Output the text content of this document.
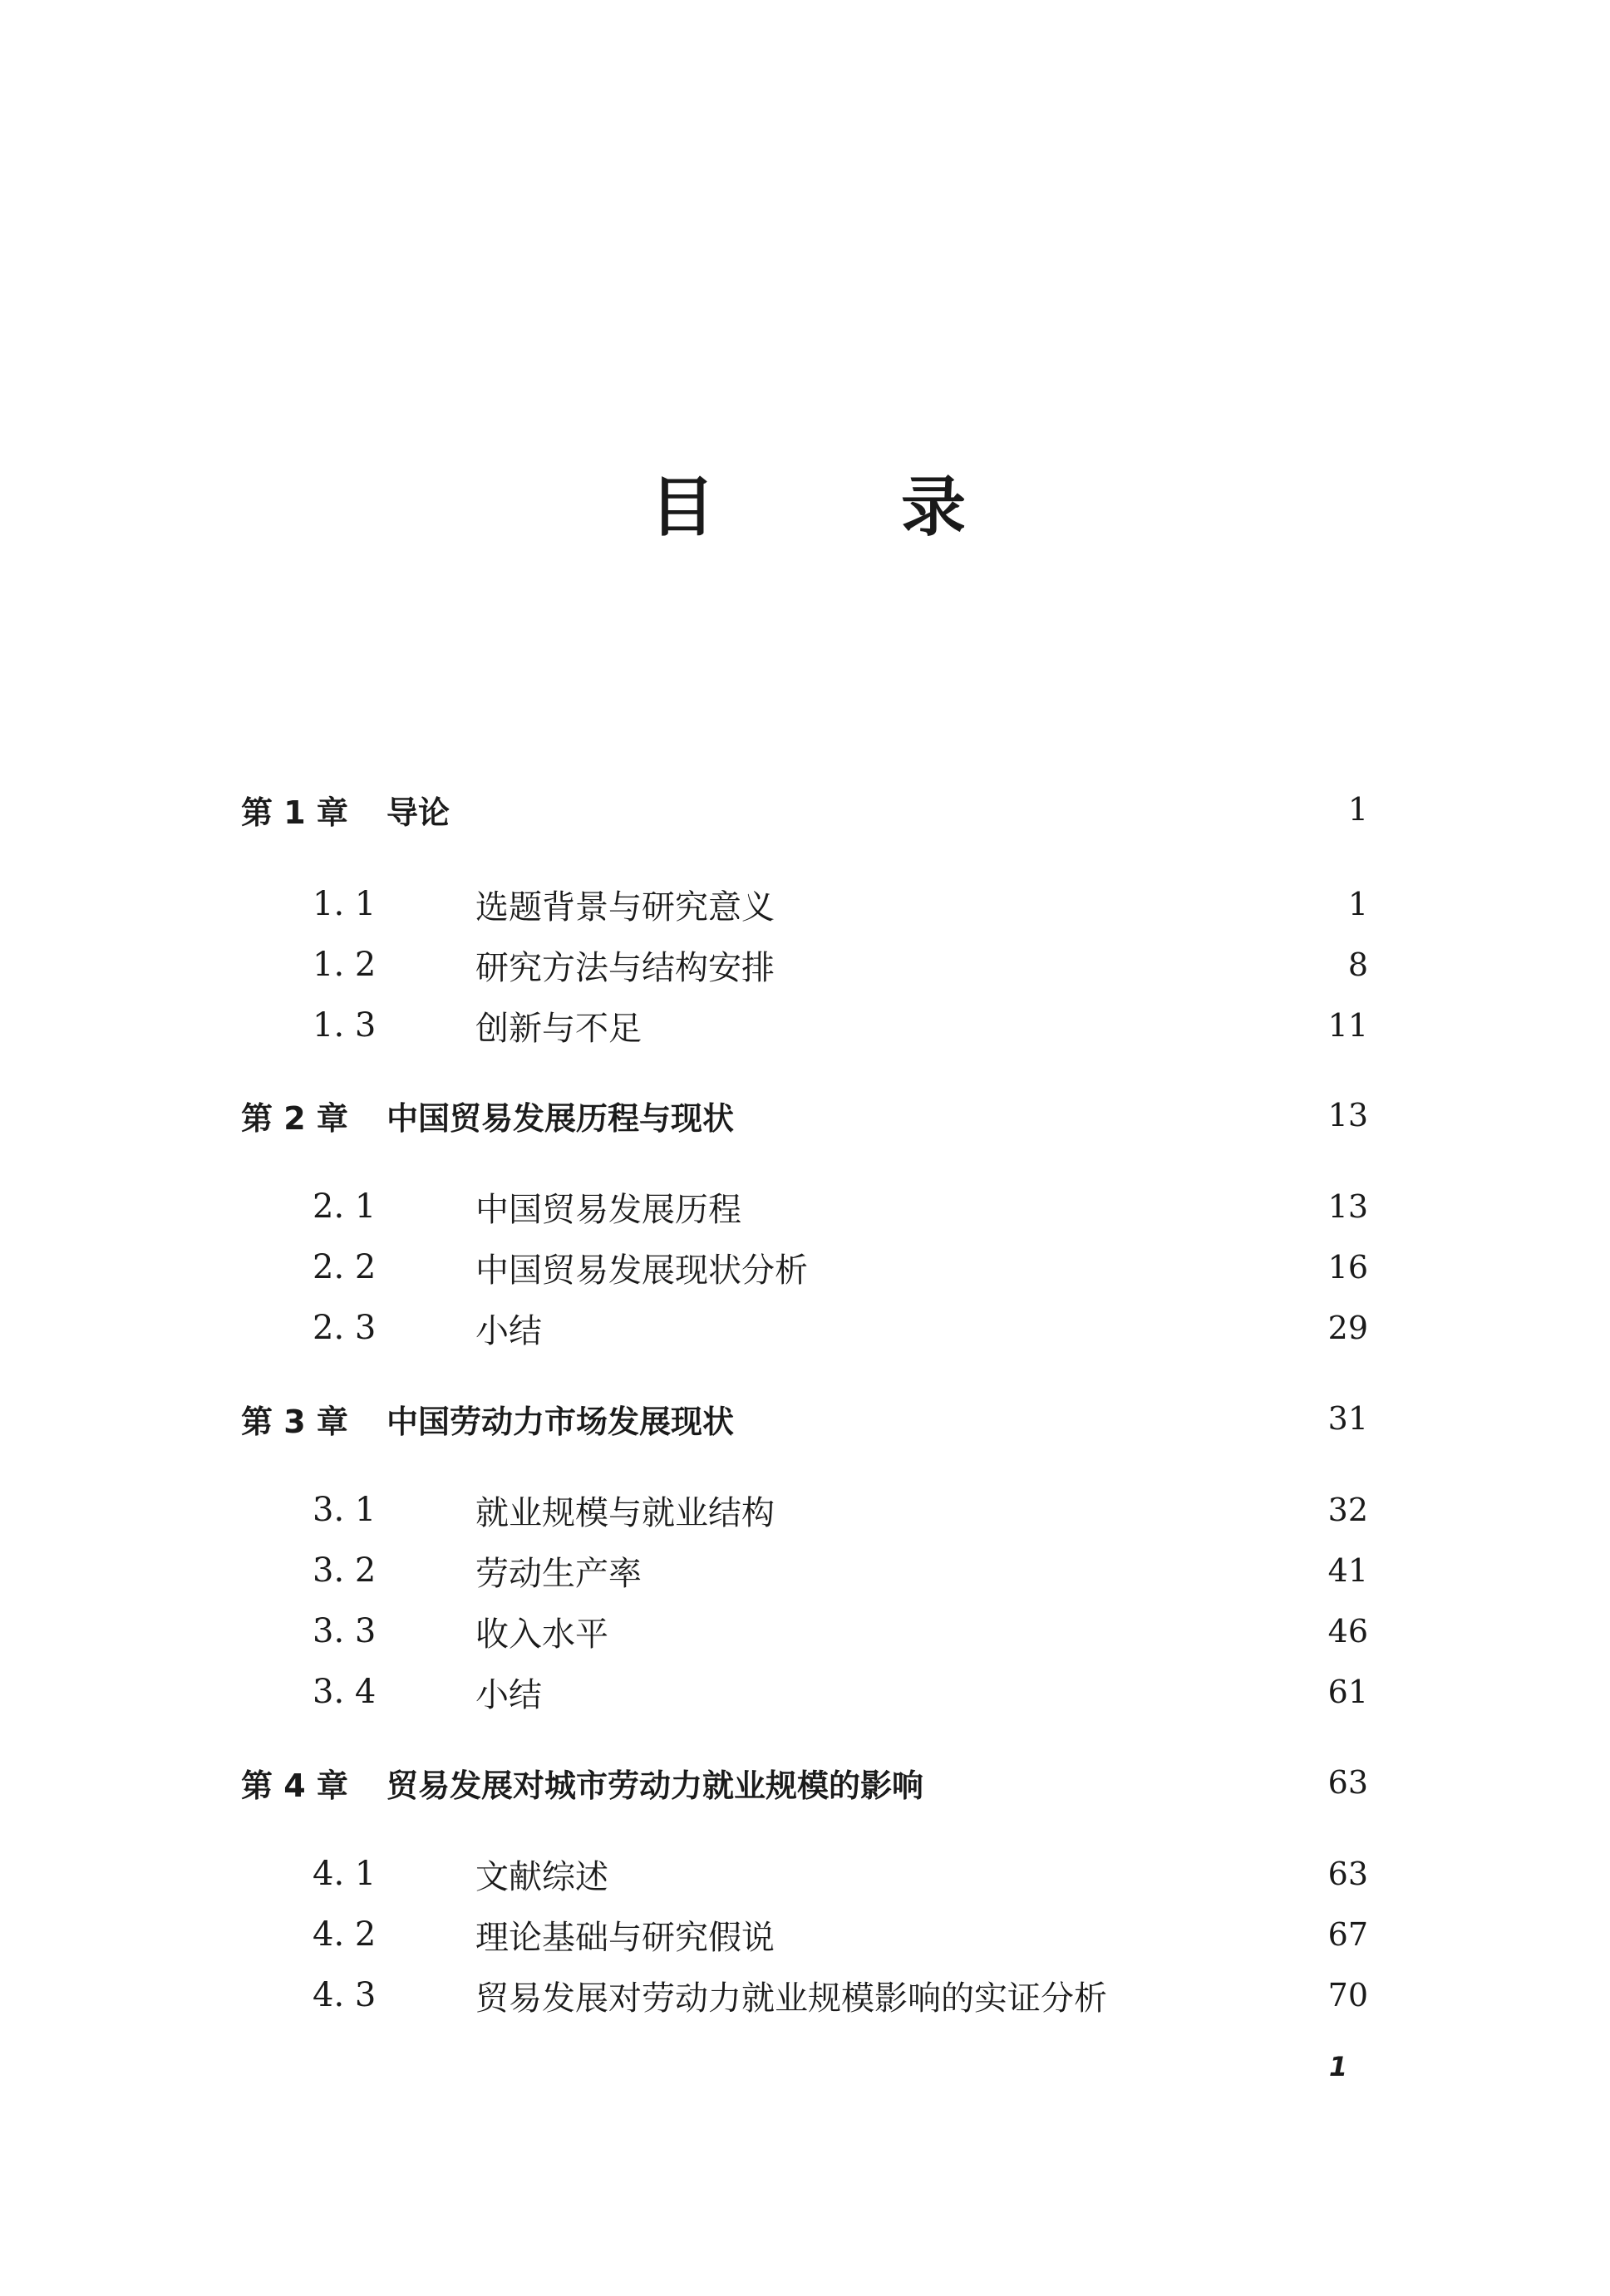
目	录
第 1 章	导论	1
1. 1	选题背景与研究意义	1
1. 2	研究方法与结构安排	8
1. 3	创新与不足	11
第 2 章	中国贸易发展历程与现状	13
2. 1	中国贸易发展历程	13
2. 2	中国贸易发展现状分析	16
2. 3	小结	29
第 3 章	中国劳动力市场发展现状	31
3. 1	就业规模与就业结构	32
3. 2	劳动生产率	41
3. 3	收入水平	46
3. 4	小结	61
第 4 章	贸易发展对城市劳动力就业规模的影响	63
4. 1	文献综述	63
4. 2	理论基础与研究假说	67
4. 3	贸易发展对劳动力就业规模影响的实证分析	70
1
